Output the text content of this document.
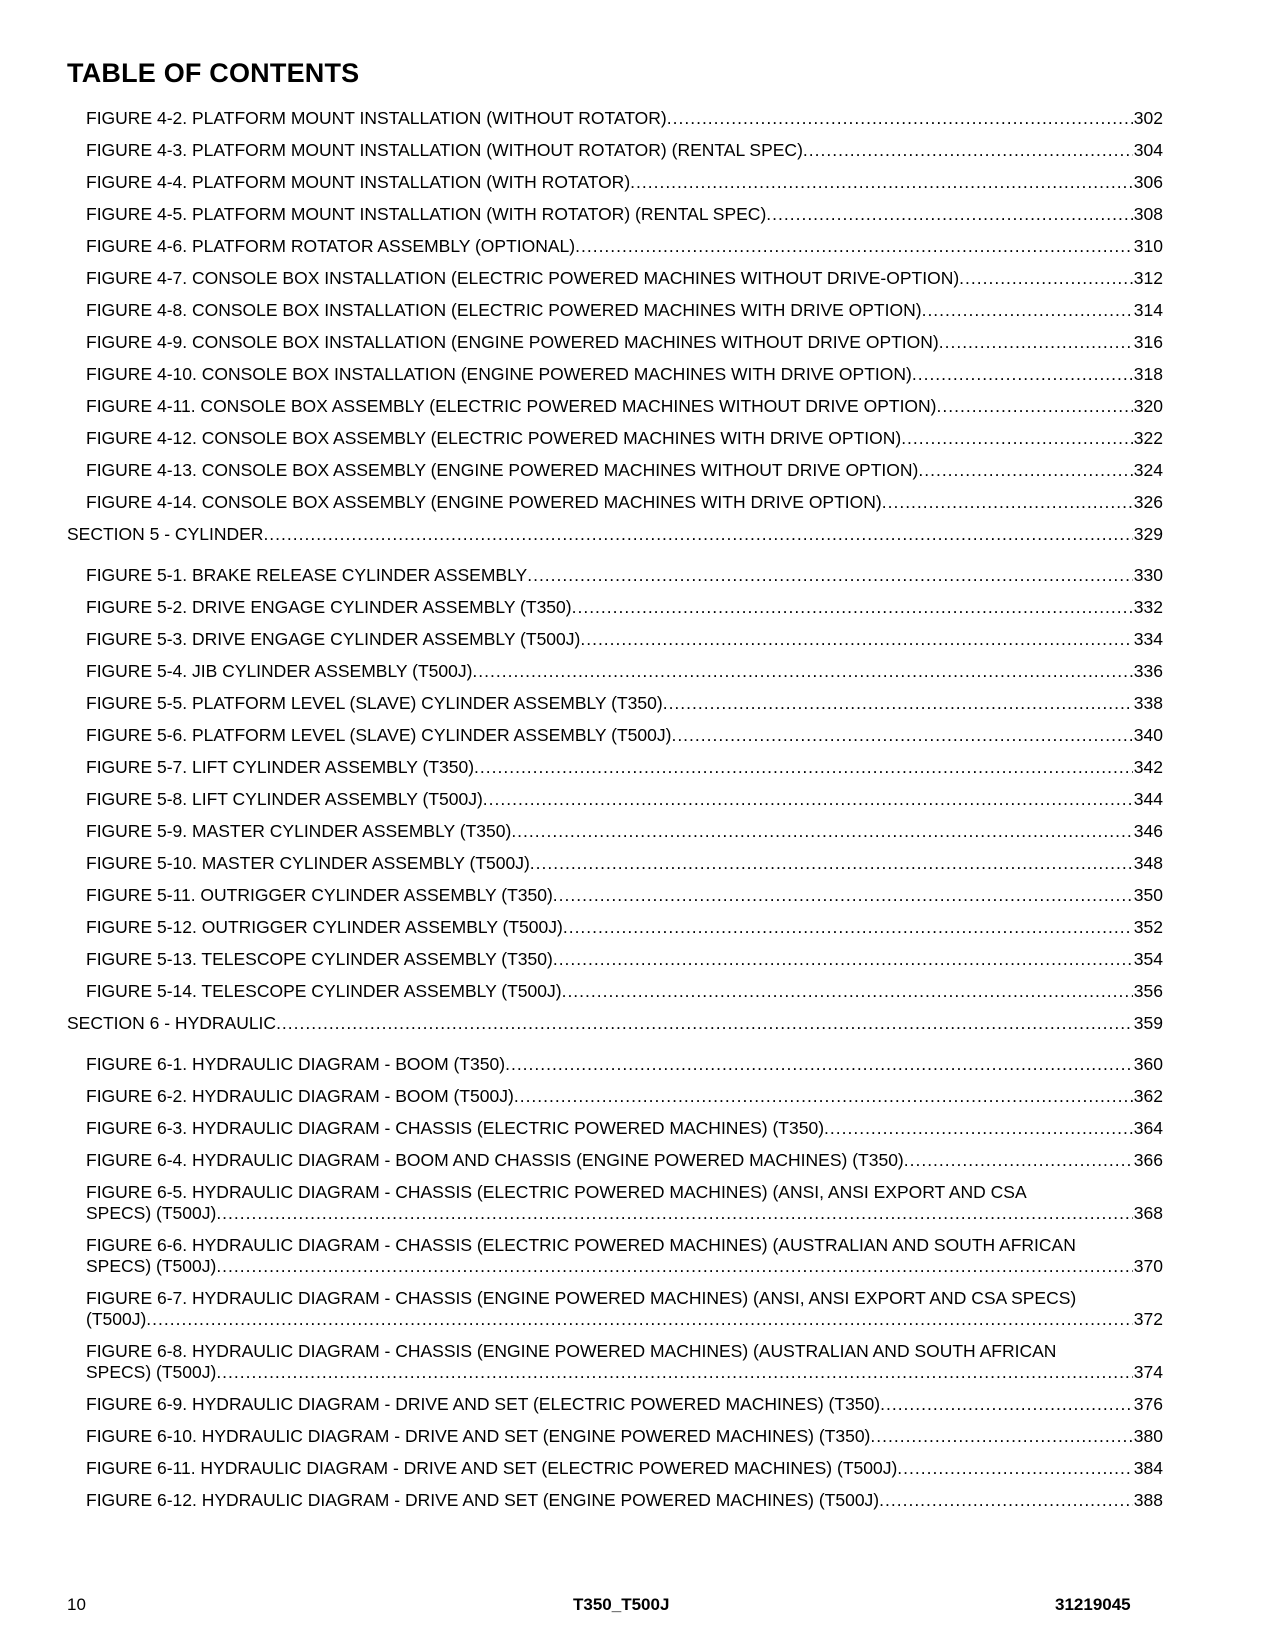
TABLE OF CONTENTS
FIGURE 4-2. PLATFORM MOUNT INSTALLATION (WITHOUT ROTATOR) .....	302
FIGURE 4-3. PLATFORM MOUNT INSTALLATION (WITHOUT ROTATOR) (RENTAL SPEC) .....	304
FIGURE 4-4. PLATFORM MOUNT INSTALLATION (WITH ROTATOR) .....	306
FIGURE 4-5. PLATFORM MOUNT INSTALLATION (WITH ROTATOR) (RENTAL SPEC) .....	308
FIGURE 4-6. PLATFORM ROTATOR ASSEMBLY (OPTIONAL) .....	310
FIGURE 4-7. CONSOLE BOX INSTALLATION (ELECTRIC POWERED MACHINES WITHOUT DRIVE-OPTION) .....	312
FIGURE 4-8. CONSOLE BOX INSTALLATION (ELECTRIC POWERED MACHINES WITH DRIVE OPTION) .....	314
FIGURE 4-9. CONSOLE BOX INSTALLATION (ENGINE POWERED MACHINES WITHOUT DRIVE OPTION) .....	316
FIGURE 4-10. CONSOLE BOX INSTALLATION (ENGINE POWERED MACHINES WITH DRIVE OPTION) .....	318
FIGURE 4-11. CONSOLE BOX ASSEMBLY (ELECTRIC POWERED MACHINES WITHOUT DRIVE OPTION) .....	320
FIGURE 4-12. CONSOLE BOX ASSEMBLY (ELECTRIC POWERED MACHINES WITH DRIVE OPTION) .....	322
FIGURE 4-13. CONSOLE BOX ASSEMBLY (ENGINE POWERED MACHINES WITHOUT DRIVE OPTION) .....	324
FIGURE 4-14. CONSOLE BOX ASSEMBLY (ENGINE POWERED MACHINES WITH DRIVE OPTION) .....	326
SECTION 5 - CYLINDER .....	329
FIGURE 5-1. BRAKE RELEASE CYLINDER ASSEMBLY .....	330
FIGURE 5-2. DRIVE ENGAGE CYLINDER ASSEMBLY (T350) .....	332
FIGURE 5-3. DRIVE ENGAGE CYLINDER ASSEMBLY (T500J) .....	334
FIGURE 5-4. JIB CYLINDER ASSEMBLY (T500J) .....	336
FIGURE 5-5. PLATFORM LEVEL (SLAVE) CYLINDER ASSEMBLY (T350) .....	338
FIGURE 5-6. PLATFORM LEVEL (SLAVE) CYLINDER ASSEMBLY (T500J) .....	340
FIGURE 5-7. LIFT CYLINDER ASSEMBLY (T350) .....	342
FIGURE 5-8. LIFT CYLINDER ASSEMBLY (T500J) .....	344
FIGURE 5-9. MASTER CYLINDER ASSEMBLY (T350) .....	346
FIGURE 5-10. MASTER CYLINDER ASSEMBLY (T500J) .....	348
FIGURE 5-11. OUTRIGGER CYLINDER ASSEMBLY (T350) .....	350
FIGURE 5-12. OUTRIGGER CYLINDER ASSEMBLY (T500J) .....	352
FIGURE 5-13. TELESCOPE CYLINDER ASSEMBLY (T350) .....	354
FIGURE 5-14. TELESCOPE CYLINDER ASSEMBLY (T500J) .....	356
SECTION 6 - HYDRAULIC .....	359
FIGURE 6-1. HYDRAULIC DIAGRAM - BOOM (T350) .....	360
FIGURE 6-2. HYDRAULIC DIAGRAM - BOOM (T500J) .....	362
FIGURE 6-3. HYDRAULIC DIAGRAM - CHASSIS (ELECTRIC POWERED MACHINES) (T350) .....	364
FIGURE 6-4. HYDRAULIC DIAGRAM - BOOM AND CHASSIS (ENGINE POWERED MACHINES) (T350) .....	366
FIGURE 6-5. HYDRAULIC DIAGRAM - CHASSIS (ELECTRIC POWERED MACHINES) (ANSI, ANSI EXPORT AND CSA
SPECS) (T500J) .....	368
FIGURE 6-6. HYDRAULIC DIAGRAM - CHASSIS (ELECTRIC POWERED MACHINES) (AUSTRALIAN AND SOUTH AFRICAN
SPECS) (T500J) .....	370
FIGURE 6-7. HYDRAULIC DIAGRAM - CHASSIS (ENGINE POWERED MACHINES) (ANSI, ANSI EXPORT AND CSA SPECS)
(T500J) .....	372
FIGURE 6-8. HYDRAULIC DIAGRAM - CHASSIS (ENGINE POWERED MACHINES) (AUSTRALIAN AND SOUTH AFRICAN
SPECS) (T500J) .....	374
FIGURE 6-9. HYDRAULIC DIAGRAM - DRIVE AND SET (ELECTRIC POWERED MACHINES) (T350) .....	376
FIGURE 6-10. HYDRAULIC DIAGRAM - DRIVE AND SET (ENGINE POWERED MACHINES) (T350) .....	380
FIGURE 6-11. HYDRAULIC DIAGRAM - DRIVE AND SET (ELECTRIC POWERED MACHINES) (T500J) .....	384
FIGURE 6-12. HYDRAULIC DIAGRAM - DRIVE AND SET (ENGINE POWERED MACHINES) (T500J) .....	388
10	T350_T500J	31219045
